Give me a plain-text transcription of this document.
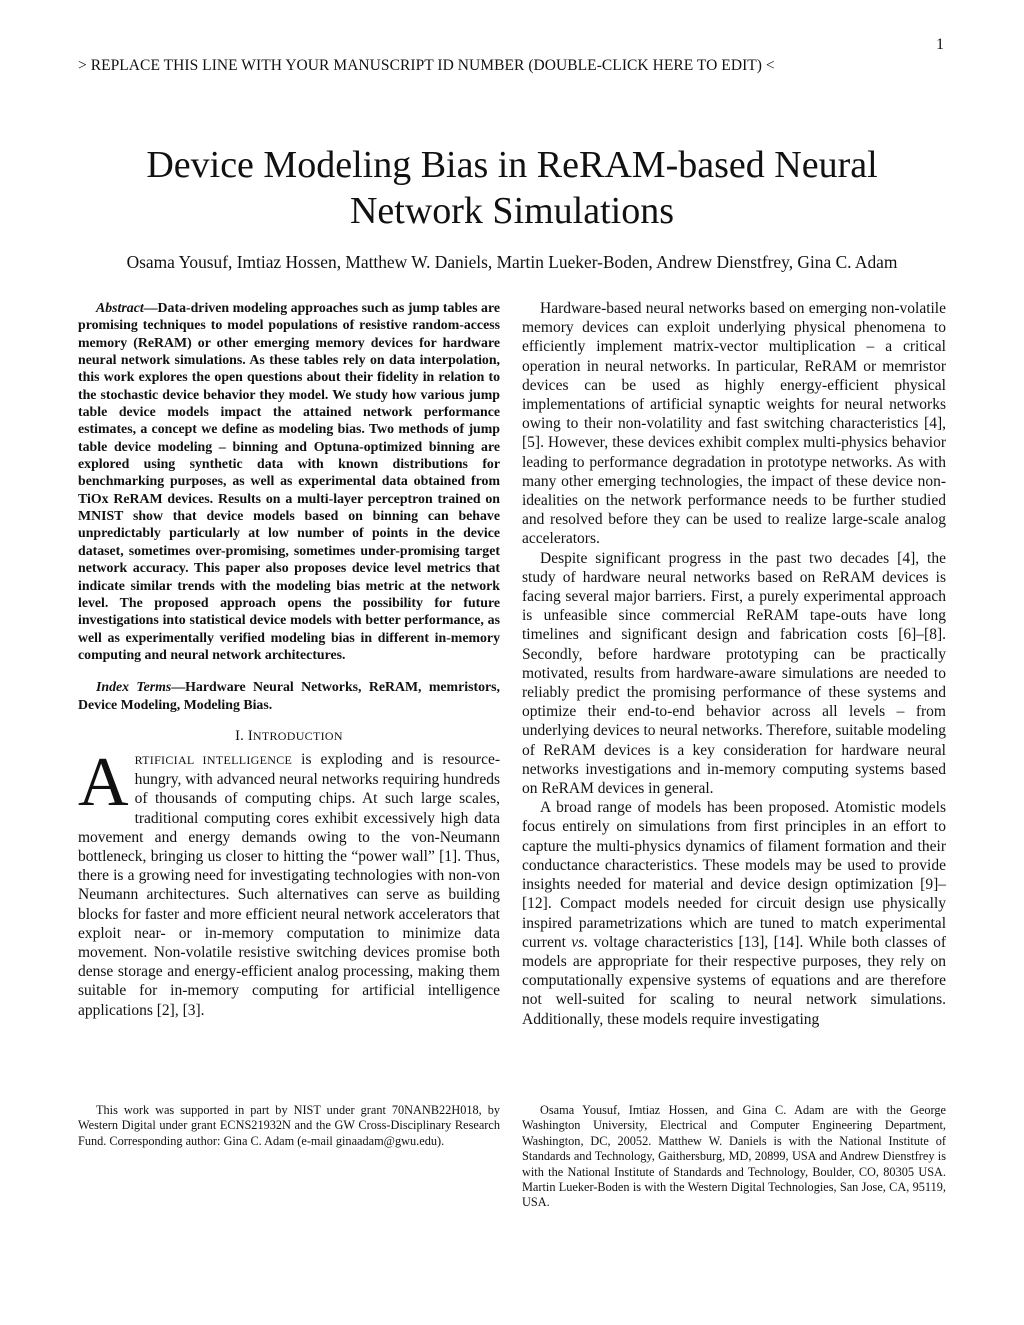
1
> REPLACE THIS LINE WITH YOUR MANUSCRIPT ID NUMBER (DOUBLE-CLICK HERE TO EDIT) <
Device Modeling Bias in ReRAM-based Neural Network Simulations
Osama Yousuf, Imtiaz Hossen, Matthew W. Daniels, Martin Lueker-Boden, Andrew Dienstfrey, Gina C. Adam

Abstract—Data-driven modeling approaches such as jump tables are promising techniques to model populations of resistive random-access memory (ReRAM) or other emerging memory devices for hardware neural network simulations. As these tables rely on data interpolation, this work explores the open questions about their fidelity in relation to the stochastic device behavior they model. We study how various jump table device models impact the attained network performance estimates, a concept we define as modeling bias. Two methods of jump table device modeling – binning and Optuna-optimized binning are explored using synthetic data with known distributions for benchmarking purposes, as well as experimental data obtained from TiOx ReRAM devices. Results on a multi-layer perceptron trained on MNIST show that device models based on binning can behave unpredictably particularly at low number of points in the device dataset, sometimes over-promising, sometimes under-promising target network accuracy. This paper also proposes device level metrics that indicate similar trends with the modeling bias metric at the network level. The proposed approach opens the possibility for future investigations into statistical device models with better performance, as well as experimentally verified modeling bias in different in-memory computing and neural network architectures.

Index Terms—Hardware Neural Networks, ReRAM, memristors, Device Modeling, Modeling Bias.

I. INTRODUCTION

ARTIFICIAL INTELLIGENCE is exploding and is resource-hungry, with advanced neural networks requiring hundreds of thousands of computing chips. At such large scales, traditional computing cores exhibit excessively high data movement and energy demands owing to the von-Neumann bottleneck, bringing us closer to hitting the “power wall” [1]. Thus, there is a growing need for investigating technologies with non-von Neumann architectures. Such alternatives can serve as building blocks for faster and more efficient neural network accelerators that exploit near- or in-memory computation to minimize data movement. Non-volatile resistive switching devices promise both dense storage and energy-efficient analog processing, making them suitable for in-memory computing for artificial intelligence applications [2], [3].

Hardware-based neural networks based on emerging non-volatile memory devices can exploit underlying physical phenomena to efficiently implement matrix-vector multiplication – a critical operation in neural networks. In particular, ReRAM or memristor devices can be used as highly energy-efficient physical implementations of artificial synaptic weights for neural networks owing to their non-volatility and fast switching characteristics [4], [5]. However, these devices exhibit complex multi-physics behavior leading to performance degradation in prototype networks. As with many other emerging technologies, the impact of these device non-idealities on the network performance needs to be further studied and resolved before they can be used to realize large-scale analog accelerators.

Despite significant progress in the past two decades [4], the study of hardware neural networks based on ReRAM devices is facing several major barriers. First, a purely experimental approach is unfeasible since commercial ReRAM tape-outs have long timelines and significant design and fabrication costs [6]–[8]. Secondly, before hardware prototyping can be practically motivated, results from hardware-aware simulations are needed to reliably predict the promising performance of these systems and optimize their end-to-end behavior across all levels – from underlying devices to neural networks. Therefore, suitable modeling of ReRAM devices is a key consideration for hardware neural networks investigations and in-memory computing systems based on ReRAM devices in general.

A broad range of models has been proposed. Atomistic models focus entirely on simulations from first principles in an effort to capture the multi-physics dynamics of filament formation and their conductance characteristics. These models may be used to provide insights needed for material and device design optimization [9]–[12]. Compact models needed for circuit design use physically inspired parametrizations which are tuned to match experimental current vs. voltage characteristics [13], [14]. While both classes of models are appropriate for their respective purposes, they rely on computationally expensive systems of equations and are therefore not well-suited for scaling to neural network simulations. Additionally, these models require investigating

This work was supported in part by NIST under grant 70NANB22H018, by Western Digital under grant ECNS21932N and the GW Cross-Disciplinary Research Fund. Corresponding author: Gina C. Adam (e-mail ginaadam@gwu.edu).

Osama Yousuf, Imtiaz Hossen, and Gina C. Adam are with the George Washington University, Electrical and Computer Engineering Department, Washington, DC, 20052. Matthew W. Daniels is with the National Institute of Standards and Technology, Gaithersburg, MD, 20899, USA and Andrew Dienstfrey is with the National Institute of Standards and Technology, Boulder, CO, 80305 USA. Martin Lueker-Boden is with the Western Digital Technologies, San Jose, CA, 95119, USA.
